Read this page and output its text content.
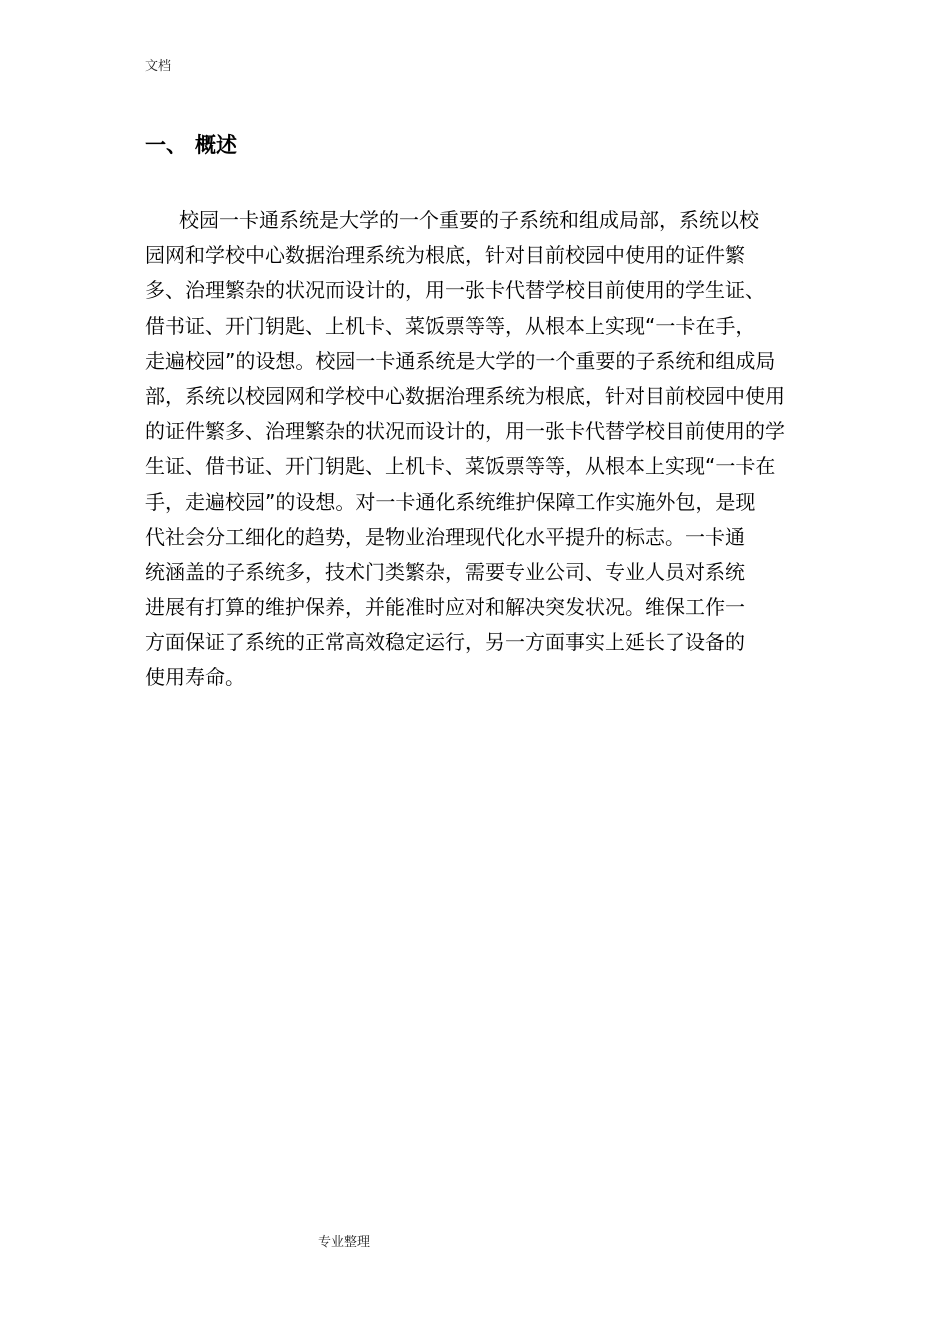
文档
一、 概述
校园一卡通系统是大学的一个重要的子系统和组成局部，系统以校
园网和学校中心数据治理系统为根底，针对目前校园中使用的证件繁
多、治理繁杂的状况而设计的，用一张卡代替学校目前使用的学生证、
借书证、开门钥匙、上机卡、菜饭票等等，从根本上实现“一卡在手，
走遍校园”的设想。校园一卡通系统是大学的一个重要的子系统和组成局
部，系统以校园网和学校中心数据治理系统为根底，针对目前校园中使用
的证件繁多、治理繁杂的状况而设计的，用一张卡代替学校目前使用的学
生证、借书证、开门钥匙、上机卡、菜饭票等等，从根本上实现“一卡在
手，走遍校园”的设想。对一卡通化系统维护保障工作实施外包，是现
代社会分工细化的趋势，是物业治理现代化水平提升的标志。一卡通
统涵盖的子系统多，技术门类繁杂，需要专业公司、专业人员对系统
进展有打算的维护保养，并能准时应对和解决突发状况。维保工作一
方面保证了系统的正常高效稳定运行，另一方面事实上延长了设备的
使用寿命。
专业整理
